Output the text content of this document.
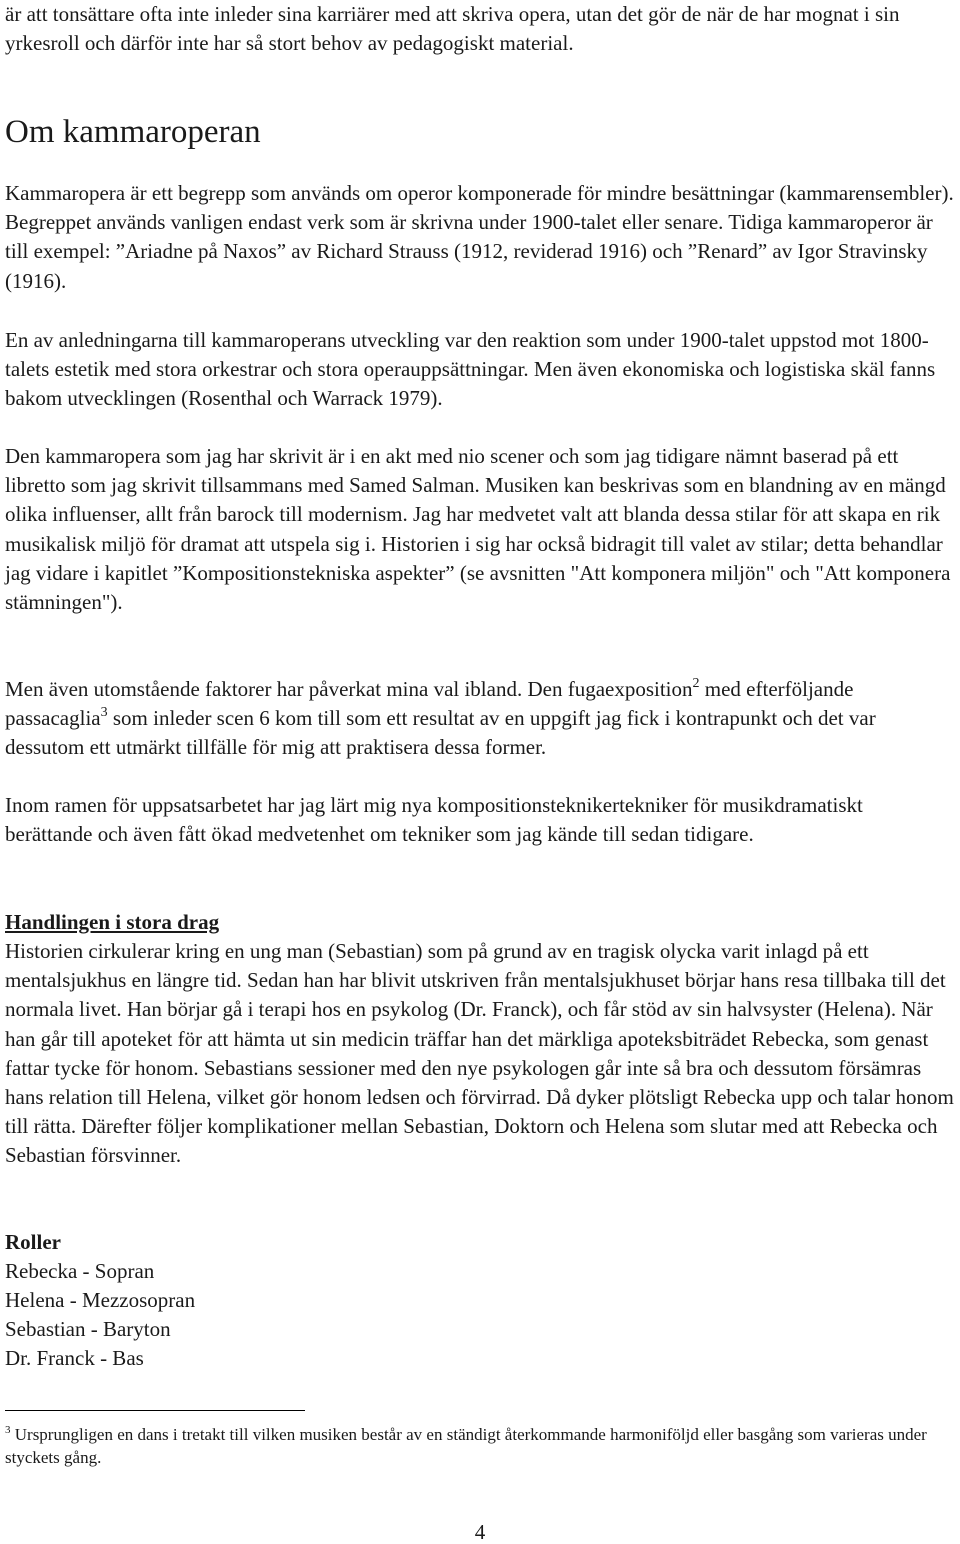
är att tonsättare ofta inte inleder sina karriärer med att skriva opera, utan det gör de när de har mognat i sin yrkesroll och därför inte har så stort behov av pedagogiskt material.

Om kammaroperan

Kammaropera är ett begrepp som används om operor komponerade för mindre besättningar (kammarensembler). Begreppet används vanligen endast verk som är skrivna under 1900-talet eller senare. Tidiga kammaroperor är till exempel: ”Ariadne på Naxos” av Richard Strauss (1912, reviderad 1916) och ”Renard” av Igor Stravinsky (1916).

En av anledningarna till kammaroperans utveckling var den reaktion som under 1900-talet uppstod mot 1800-talets estetik med stora orkestrar och stora operauppsättningar. Men även ekonomiska och logistiska skäl fanns bakom utvecklingen (Rosenthal och Warrack 1979).

Den kammaropera som jag har skrivit är i en akt med nio scener och som jag tidigare nämnt baserad på ett libretto som jag skrivit tillsammans med Samed Salman. Musiken kan beskrivas som en blandning av en mängd olika influenser, allt från barock till modernism. Jag har medvetet valt att blanda dessa stilar för att skapa en rik musikalisk miljö för dramat att utspela sig i. Historien i sig har också bidragit till valet av stilar; detta behandlar jag vidare i kapitlet ”Kompositionstekniska aspekter” (se avsnitten "Att komponera miljön" och "Att komponera stämningen").

Men även utomstående faktorer har påverkat mina val ibland. Den fugaexposition$^2$ med efterföljande passacaglia$^3$ som inleder scen 6 kom till som ett resultat av en uppgift jag fick i kontrapunkt och det var dessutom ett utmärkt tillfälle för mig att praktisera dessa former.

Inom ramen för uppsatsarbetet har jag lärt mig nya kompositionsteknikertekniker för musikdramatiskt berättande och även fått ökad medvetenhet om tekniker som jag kände till sedan tidigare.

Handlingen i stora drag

Historien cirkulerar kring en ung man (Sebastian) som på grund av en tragisk olycka varit inlagd på ett mentalsjukhus en längre tid. Sedan han har blivit utskriven från mentalsjukhuset börjar hans resa tillbaka till det normala livet. Han börjar gå i terapi hos en psykolog (Dr. Franck), och får stöd av sin halvsyster (Helena). När han går till apoteket för att hämta ut sin medicin träffar han det märkliga apoteksbiträdet Rebecka, som genast fattar tycke för honom. Sebastians sessioner med den nye psykologen går inte så bra och dessutom försämras hans relation till Helena, vilket gör honom ledsen och förvirrad. Då dyker plötsligt Rebecka upp och talar honom till rätta. Därefter följer komplikationer mellan Sebastian, Doktorn och Helena som slutar med att Rebecka och Sebastian försvinner.

Roller

Rebecka - Sopran

Helena - Mezzosopran

Sebastian - Baryton

Dr. Franck - Bas

$^3$ Ursprungligen en dans i tretakt till vilken musiken består av en ständigt återkommande harmoniföljd eller basgång som varieras under styckets gång.

4
